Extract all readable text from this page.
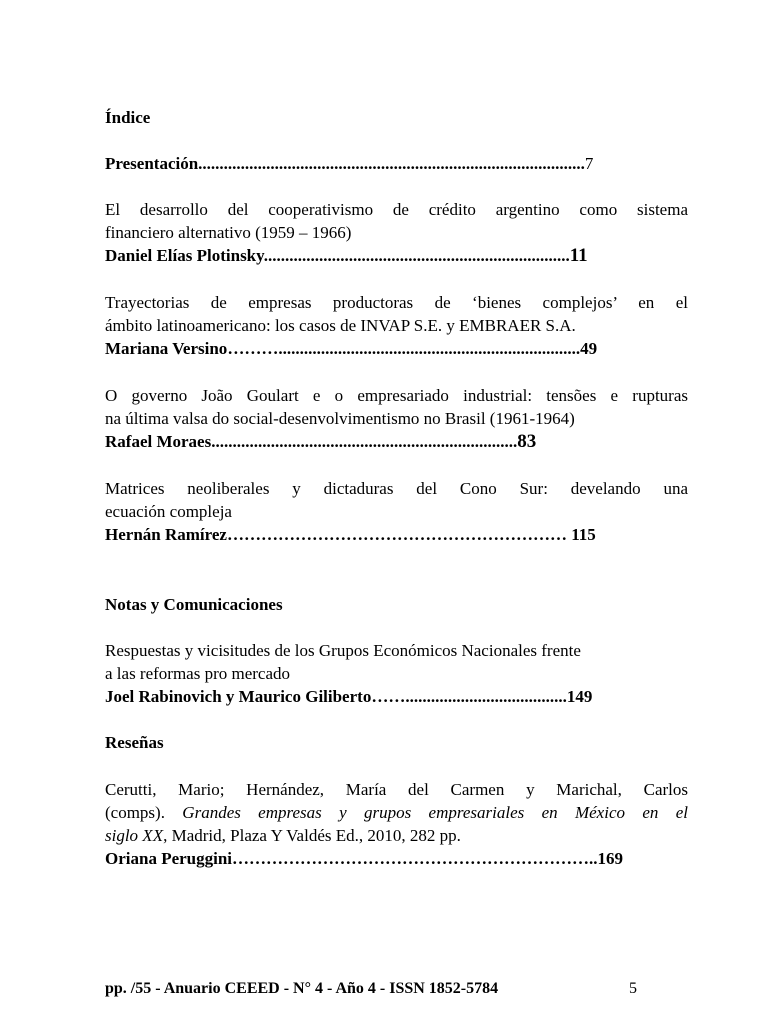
Índice

Presentación...........................................................................................7

El desarrollo del cooperativismo de crédito argentino como sistema
financiero alternativo (1959 – 1966)

Daniel Elías Plotinsky........................................................................11

Trayectorias de empresas productoras de ‘bienes complejos’ en el
ámbito latinoamericano: los casos de INVAP S.E. y EMBRAER S.A.

Mariana Versino……….......................................................................49

O governo João Goulart e o empresariado industrial: tensões e rupturas
na última valsa do social-desenvolvimentismo no Brasil (1961-1964)

Rafael Moraes........................................................................83

Matrices neoliberales y dictaduras del Cono Sur: develando una
ecuación compleja

Hernán Ramírez…………………………………………………… 115

Notas y Comunicaciones

Respuestas y vicisitudes de los Grupos Económicos Nacionales frente
a las reformas pro mercado

Joel Rabinovich y Maurico Giliberto……......................................149

Reseñas

Cerutti, Mario; Hernández, María del Carmen y Marichal, Carlos
(comps). Grandes empresas y grupos empresariales en México en el
siglo XX, Madrid, Plaza Y Valdés Ed., 2010, 282 pp.

Oriana Peruggini………………………………………………………..169

pp. /55 - Anuario CEEED - N° 4 - Año 4 - ISSN 1852-5784	5
